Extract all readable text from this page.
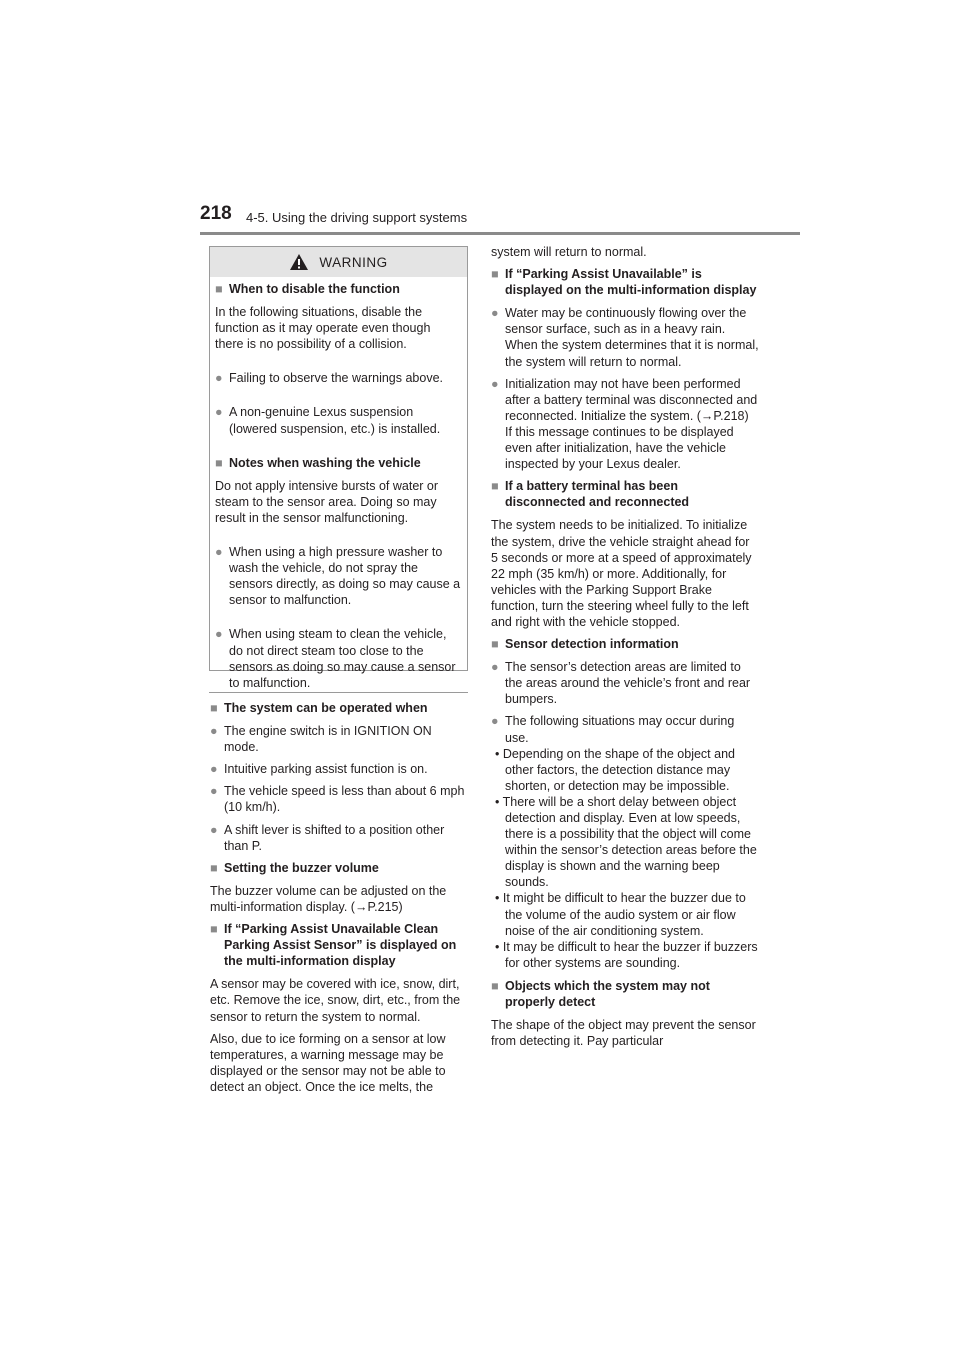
218 4-5. Using the driving support systems
WARNING
■ When to disable the function
In the following situations, disable the function as it may operate even though there is no possibility of a collision.
● Failing to observe the warnings above.
● A non-genuine Lexus suspension (lowered suspension, etc.) is installed.
■ Notes when washing the vehicle
Do not apply intensive bursts of water or steam to the sensor area. Doing so may result in the sensor malfunctioning.
● When using a high pressure washer to wash the vehicle, do not spray the sensors directly, as doing so may cause a sensor to malfunction.
● When using steam to clean the vehicle, do not direct steam too close to the sensors as doing so may cause a sensor to malfunction.
■ The system can be operated when
● The engine switch is in IGNITION ON mode.
● Intuitive parking assist function is on.
● The vehicle speed is less than about 6 mph (10 km/h).
● A shift lever is shifted to a position other than P.
■ Setting the buzzer volume
The buzzer volume can be adjusted on the multi-information display. (→P.215)
■ If “Parking Assist Unavailable Clean Parking Assist Sensor” is displayed on the multi-information display
A sensor may be covered with ice, snow, dirt, etc. Remove the ice, snow, dirt, etc., from the sensor to return the system to normal.
Also, due to ice forming on a sensor at low temperatures, a warning message may be displayed or the sensor may not be able to detect an object. Once the ice melts, the
system will return to normal.
■ If “Parking Assist Unavailable” is displayed on the multi-information display
● Water may be continuously flowing over the sensor surface, such as in a heavy rain. When the system determines that it is normal, the system will return to normal.
● Initialization may not have been performed after a battery terminal was disconnected and reconnected. Initialize the system. (→P.218)
If this message continues to be displayed even after initialization, have the vehicle inspected by your Lexus dealer.
■ If a battery terminal has been disconnected and reconnected
The system needs to be initialized. To initialize the system, drive the vehicle straight ahead for 5 seconds or more at a speed of approximately 22 mph (35 km/h) or more. Additionally, for vehicles with the Parking Support Brake function, turn the steering wheel fully to the left and right with the vehicle stopped.
■ Sensor detection information
● The sensor’s detection areas are limited to the areas around the vehicle’s front and rear bumpers.
● The following situations may occur during use.
• Depending on the shape of the object and other factors, the detection distance may shorten, or detection may be impossible.
• There will be a short delay between object detection and display. Even at low speeds, there is a possibility that the object will come within the sensor’s detection areas before the display is shown and the warning beep sounds.
• It might be difficult to hear the buzzer due to the volume of the audio system or air flow noise of the air conditioning system.
• It may be difficult to hear the buzzer if buzzers for other systems are sounding.
■ Objects which the system may not properly detect
The shape of the object may prevent the sensor from detecting it. Pay particular
